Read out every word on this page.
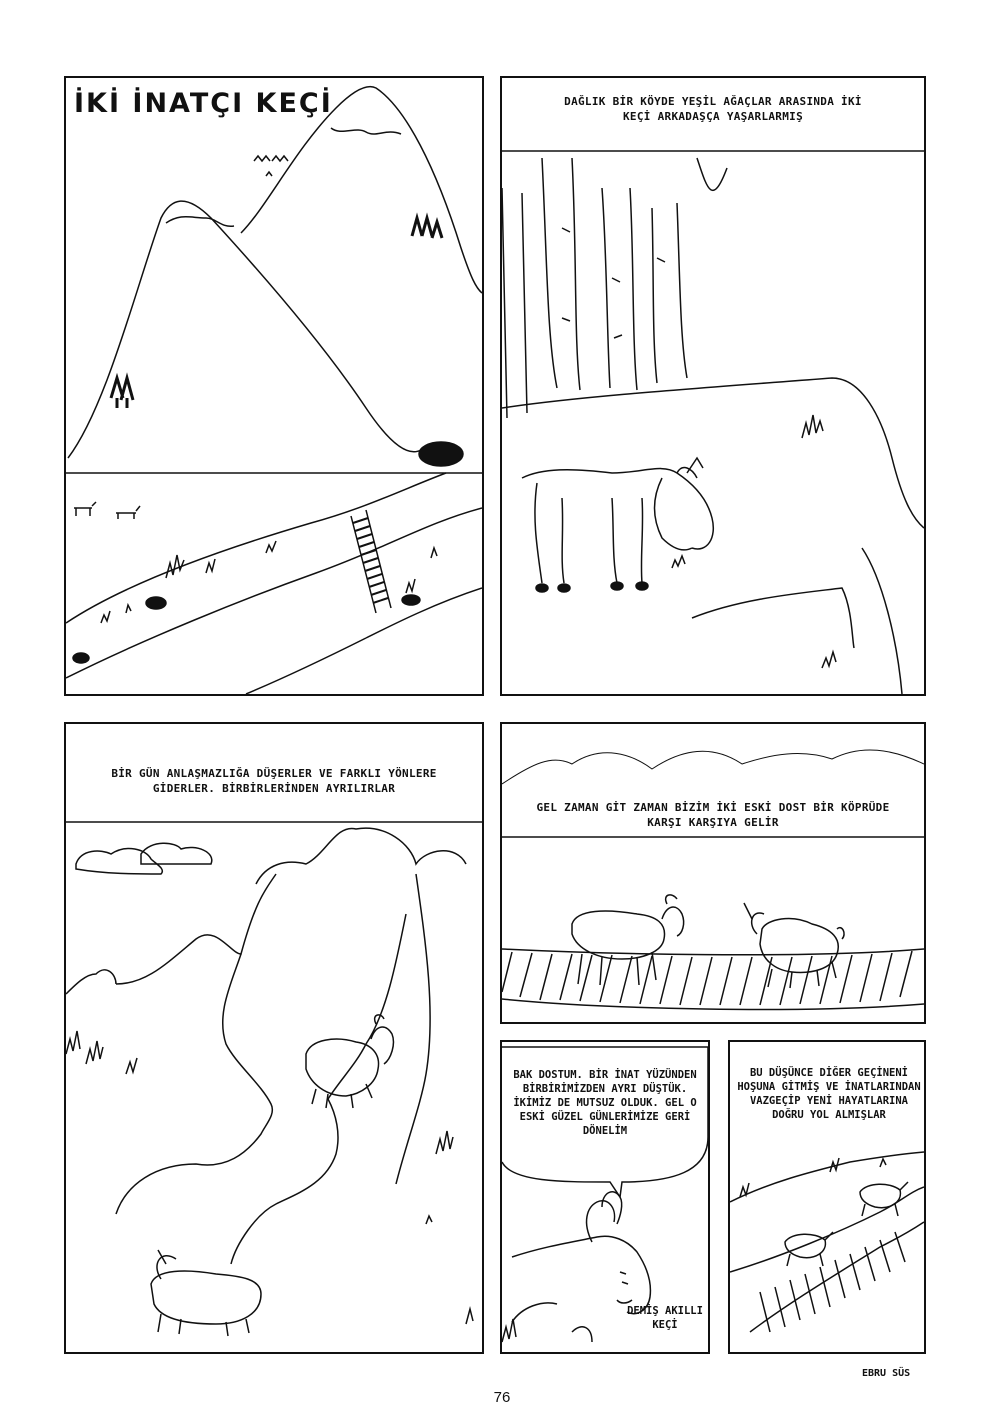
İKİ İNATÇI KEÇİ	DAĞLIK BİR KÖYDE YEŞİL AĞAÇLAR ARASINDA İKİ KEÇİ ARKADAŞÇA YAŞARLARMIŞ
BİR GÜN ANLAŞMAZLIĞA DÜŞERLER VE FARKLI YÖNLERE GİDERLER. BİRBİRLERİNDEN AYRILIRLAR
GEL ZAMAN GİT ZAMAN BİZİM İKİ ESKİ DOST BİR KÖPRÜDE KARŞI KARŞIYA GELİR
BAK DOSTUM. BİR İNAT YÜZÜNDEN BİRBİRİMİZDEN AYRI DÜŞTÜK. İKİMİZ DE MUTSUZ OLDUK. GEL O ESKİ GÜZEL GÜNLERİMİZE GERİ DÖNELİM
DEMİŞ AKILLI KEÇİ
BU DÜŞÜNCE DİĞER GEÇİNENİ HOŞUNA GİTMİŞ VE İNATLARINDAN VAZGEÇİP YENİ HAYATLARINA DOĞRU YOL ALMIŞLAR
EBRU SÜS
76
